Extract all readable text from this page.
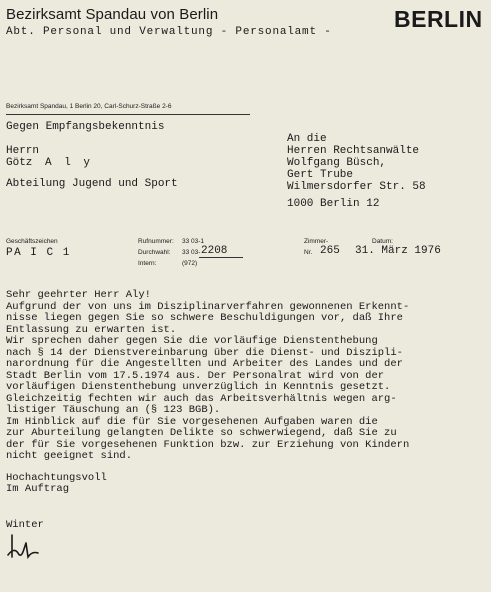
Bezirksamt Spandau von Berlin
Abt. Personal und Verwaltung - Personalamt -	BERLIN
Bezirksamt Spandau, 1 Berlin 20, Carl-Schurz-Straße 2-6
Gegen Empfangsbekenntnis
Herrn
Götz A l y
Abteilung Jugend und Sport
An die
Herren Rechtsanwälte
Wolfgang Büsch,
Gert Trube
Wilmersdorfer Str. 58
1000 Berlin 12
Geschäftszeichen
PA I C 1
Rufnummer: 33 03-1
Durchwahl: 33 03- 2208
Intern:	(972)
Zimmer-
Nr. 265
Datum:
31. März 1976
Sehr geehrter Herr Aly!
Aufgrund der von uns im Disziplinarverfahren gewonnenen Erkennt-
nisse liegen gegen Sie so schwere Beschuldigungen vor, daß Ihre
Entlassung zu erwarten ist.
Wir sprechen daher gegen Sie die vorläufige Dienstenthebung
nach § 14 der Dienstvereinbarung über die Dienst- und Diszipli-
narordnung für die Angestellten und Arbeiter des Landes und der
Stadt Berlin vom 17.5.1974 aus. Der Personalrat wird von der
vorläufigen Dienstenthebung unverzüglich in Kenntnis gesetzt.
Gleichzeitig fechten wir auch das Arbeitsverhältnis wegen arg-
listiger Täuschung an (§ 123 BGB).
Im Hinblick auf die für Sie vorgesehenen Aufgaben waren die
zur Aburteilung gelangten Delikte so schwerwiegend, daß Sie zu
der für Sie vorgesehenen Funktion bzw. zur Erziehung von Kindern
nicht geeignet sind.
Hochachtungsvoll
Im Auftrag
Winter
